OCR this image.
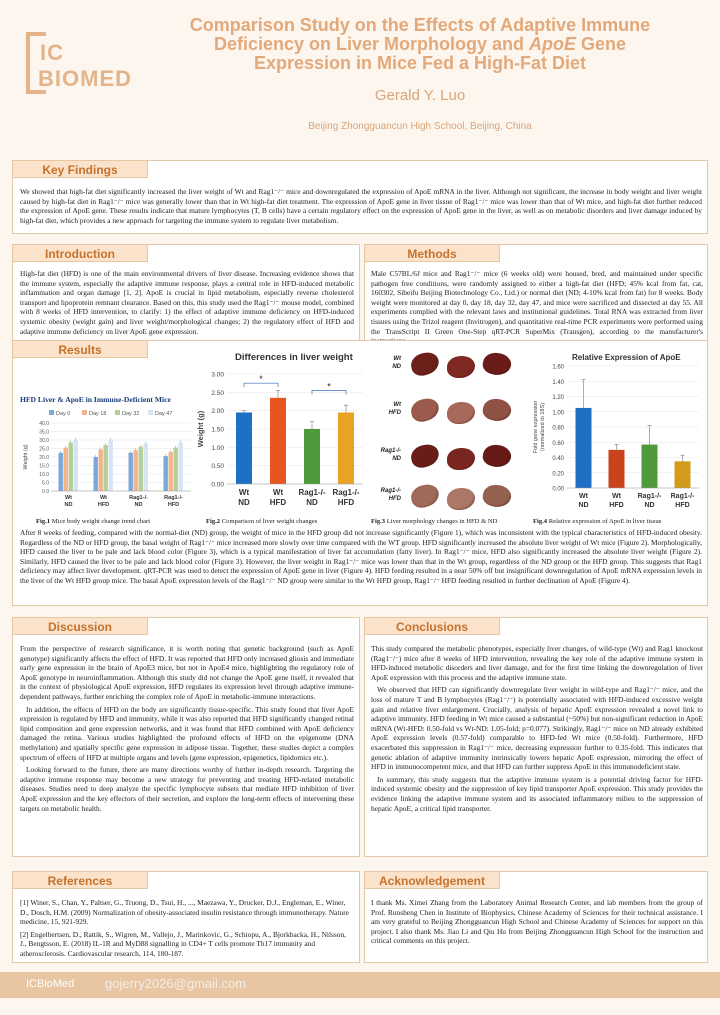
IC
BIOMED
Comparison Study on the Effects of Adaptive Immune
Deficiency on Liver Morphology and ApoE Gene
Expression in Mice Fed a High-Fat Diet
Gerald Y. Luo
Beijing Zhongguancun High School, Beijing, China
Key Findings
We showed that high-fat diet significantly increased the liver weight of Wt and Rag1⁻/⁻ mice and downregulated the expression of ApoE mRNA in the liver. Although not significant, the increase in body weight and liver weight caused by high-fat diet in Rag1⁻/⁻ mice was generally lower than that in Wt high-fat diet treatment. The expression of ApoE gene in liver tissue of Rag1⁻/⁻ mice was lower than that of Wt mice, and high-fat diet further reduced the expression of ApoE gene. These results indicate that mature lymphocytes (T, B cells) have a certain regulatory effect on the expression of ApoE gene in the liver, as well as on metabolic disorders and liver damage induced by high-fat diet, which provides a new approach for targeting the immune system to regulate liver metabolism.
Introduction
High-fat diet (HFD) is one of the main environmental drivers of liver disease. Increasing evidence shows that the immune system, especially the adaptive immune response, plays a central role in HFD-induced metabolic inflammation and organ damage [1, 2]. ApoE is crucial in lipid metabolism, especially reverse cholesterol transport and lipoprotein remnant clearance. Based on this, this study used the Rag1⁻/⁻ mouse model, combined with 8 weeks of HFD intervention, to clarify: 1) the effect of adaptive immune deficiency on HFD-induced systemic obesity (weight gain) and liver weight/morphological changes; 2) the regulatory effect of HFD and adaptive immune deficiency on liver ApoE gene expression.
Methods
Male C57BL/6J mice and Rag1⁻/⁻ mice (6 weeks old) were housed, bred, and maintained under specific pathogen free conditions, were randomly assigned to either a high-fat diet (HFD; 45% kcal from fat, cat, 160302, Sibeifu Beijing Biotechnology Co., Ltd.) or normal diet (ND; 4-10% kcal from fat) for 8 weeks. Body weight were monitored at day 0, day 18, day 32, day 47, and mice were sacrificed and dissected at day 55. All experiments complied with the relevant laws and institutional guidelines. Total RNA was extracted from liver tissues using the Trizol reagent (Invitrogen), and quantitative real-time PCR experiments were performed using the TransScript II Green One-Step qRT-PCR SuperMix (Transgen), according to the manufacturer's
Results
HFD Liver & ApoE in Immune-Deficient Mice
Day 0	Day 18	Day 32	Day 47
0.0
5.0
10.0
15.0
20.0
25.0
30.0
35.0
40.0
Weight (g)
Wt
ND
Wt
HFD
Rag1-/-
ND
Rag1-/-
HFD
Fig.1 Mice body weight change trend chart
Differences in liver weight
0.00
0.50
1.00
1.50
2.00
2.50
3.00
Weight (g)
Wt
ND
Wt
HFD
Rag1-/-
ND
Rag1-/-
HFD
*
*
Fig.2 Comparison of liver weight changes
Wt
ND
Wt
HFD
Rag1-/-
ND
Rag1-/-
HFD
Fig.3 Liver morphology changes in HFD & ND
Relative Expression of ApoE
0.00
0.20
0.40
0.60
0.80
1.00
1.20
1.40
1.60
Fold gene expression (normalized to 18S)
Wt
ND
Wt
HFD
Rag1-/-
ND
Rag1-/-
HFD
Fig.4 Relative expression of ApoE in liver tissue
After 8 weeks of feeding, compared with the normal-diet (ND) group, the weight of mice in the HFD group did not increase significantly (Figure 1), which was inconsistent with the typical characteristics of HFD-induced obesity. Regardless of the ND or HFD group, the basal weight of Rag1⁻/⁻ mice increased more slowly over time compared with the WT group. HFD significantly increased the absolute liver weight of Wt mice (Figure 2). Morphologically, HFD caused the liver to be pale and lack blood color (Figure 3), which is a typical manifestation of liver fat accumulation (fatty liver). In Rag1⁻/⁻ mice, HFD also significantly increased the absolute liver weight (Figure 2). Similarly, HFD caused the liver to be pale and lack blood color (Figure 3). However, the liver weight in Rag1⁻/⁻ mice was lower than that in the Wt group, regardless of the ND group or the HFD group. This suggests that Rag1 deficiency may affect liver development. qRT-PCR was used to detect the expression of ApoE gene in liver (Figure 4). HFD feeding resulted in a near 50% off but insignificant downregulation of ApoE mRNA expression levels in the liver of the Wt HFD group mice. The basal ApoE expression levels of the Rag1⁻/⁻ ND group were similar to the Wt HFD group, Rag1⁻/⁻ HFD feeding resulted in further declination of ApoE (Figure 4).
Discussion

From the perspective of research significance, it is worth noting that genetic background (such as ApoE genotype) significantly affects the effect of HFD. It was reported that HFD only increased gliosis and immediate early gene expression in the brain of ApoE3 mice, but not in ApoE4 mice, highlighting the regulatory role of ApoE genotype in neuroinflammation. Although this study did not change the ApoE gene itself, it revealed that in the context of physiological ApoE expression, HFD regulates its expression level through adaptive immune-dependent pathways, further enriching the complex role of ApoE in metabolic-immune interactions.

In addition, the effects of HFD on the body are significantly tissue-specific. This study found that liver ApoE expression is regulated by HFD and immunity, while it was also reported that HFD significantly changed retinal lipid composition and gene expression networks, and it was found that HFD combined with ApoE deficiency damaged the retina. Various studies highlighted the profound effects of HFD on the epigenome (DNA methylation) and spatially specific gene expression in adipose tissue. Together, these studies depict a complex spectrum of effects of HFD at multiple organs and levels (gene expression, epigenetics, lipidomics etc.).

Looking forward to the future, there are many directions worthy of further in-depth research. Targeting the adaptive immune response may become a new strategy for preventing and treating HFD-related metabolic diseases. Studies need to deep analyze the specific lymphocyte subsets that mediate HFD inhibition of liver ApoE expression and the key effectors of their secretion, and explore the long-term effects of intervening these targets on metabolic health.

Conclusions

This study compared the metabolic phenotypes, especially liver changes, of wild-type (Wt) and Rag1 knockout (Rag1⁻/⁻) mice after 8 weeks of HFD intervention, revealing the key role of the adaptive immune system in HFD-induced metabolic disorders and liver damage, and for the first time linking the downregulation of liver ApoE expression with this process and the adaptive immune state.

We observed that HFD can significantly downregulate liver weight in wild-type and Rag1⁻/⁻ mice, and the loss of mature T and B lymphocytes (Rag1⁻/⁻) is potentially associated with HFD-induced excessive weight gain and relative liver enlargement. Crucially, analysis of hepatic ApoE expression revealed a novel link to adaptive immunity. HFD feeding in Wt mice caused a substantial (~50%) but non-significant reduction in ApoE mRNA (Wt-HFD: 0.50-fold vs Wt-ND: 1.05-fold; p=0.077). Strikingly, Rag1⁻/⁻ mice on ND already exhibited ApoE expression levels (0.57-fold) comparable to HFD-fed Wt mice (0.50-fold). Furthermore, HFD exacerbated this suppression in Rag1⁻/⁻ mice, decreasing expression further to 0.35-fold. This indicates that genetic ablation of adaptive immunity intrinsically lowers hepatic ApoE expression, mirroring the effect of HFD in immunocompetent mice, and that HFD can further suppress ApoE in this immunodeficient state.

In summary, this study suggests that the adaptive immune system is a potential driving factor for HFD-induced systemic obesity and the suppression of key lipid transporter ApoE expression. This study provides the evidence linking the adaptive immune system and its associated inflammatory milieu to the suppression of hepatic ApoE, a critical lipid transporter.

References

[1] Winer, S., Chan, Y., Paltser, G., Truong, D., Tsui, H., ..., Maezawa, Y., Drucker, D.J., Engleman, E., Winer, D., Dosch, H.M. (2009) Normalization of obesity-associated insulin resistance through immunotherapy. Nature medicine, 15, 921-929.

[2] Engelbertsen, D., Rattik, S., Wigren, M., Vallejo, J., Marinkovic, G., Schiopu, A., Bjorkbacka, H., Nilsson, J., Bengtsson, E. (2018) IL-1R and MyD88 signalling in CD4+ T cells promote Th17 immunity and atherosclerosis. Cardiovascular research, 114, 180-187.

Acknowledgement
I thank Ms. Ximei Zhang from the Laboratory Animal Research Center, and lab members from the group of Prof. Runsheng Chen in Institute of Biophysics, Chinese Academy of Sciences for their technical assistance. I am very grateful to Beijing Zhongguancun High School and Chinese Academy of Sciences for support on this project. I also thank Ms. Jiao Li and Qiu Hu from Beijing Zhongguancun High School for the instruction and critical comments on this project.
ICBioMed gojerry2026@gmail.com
